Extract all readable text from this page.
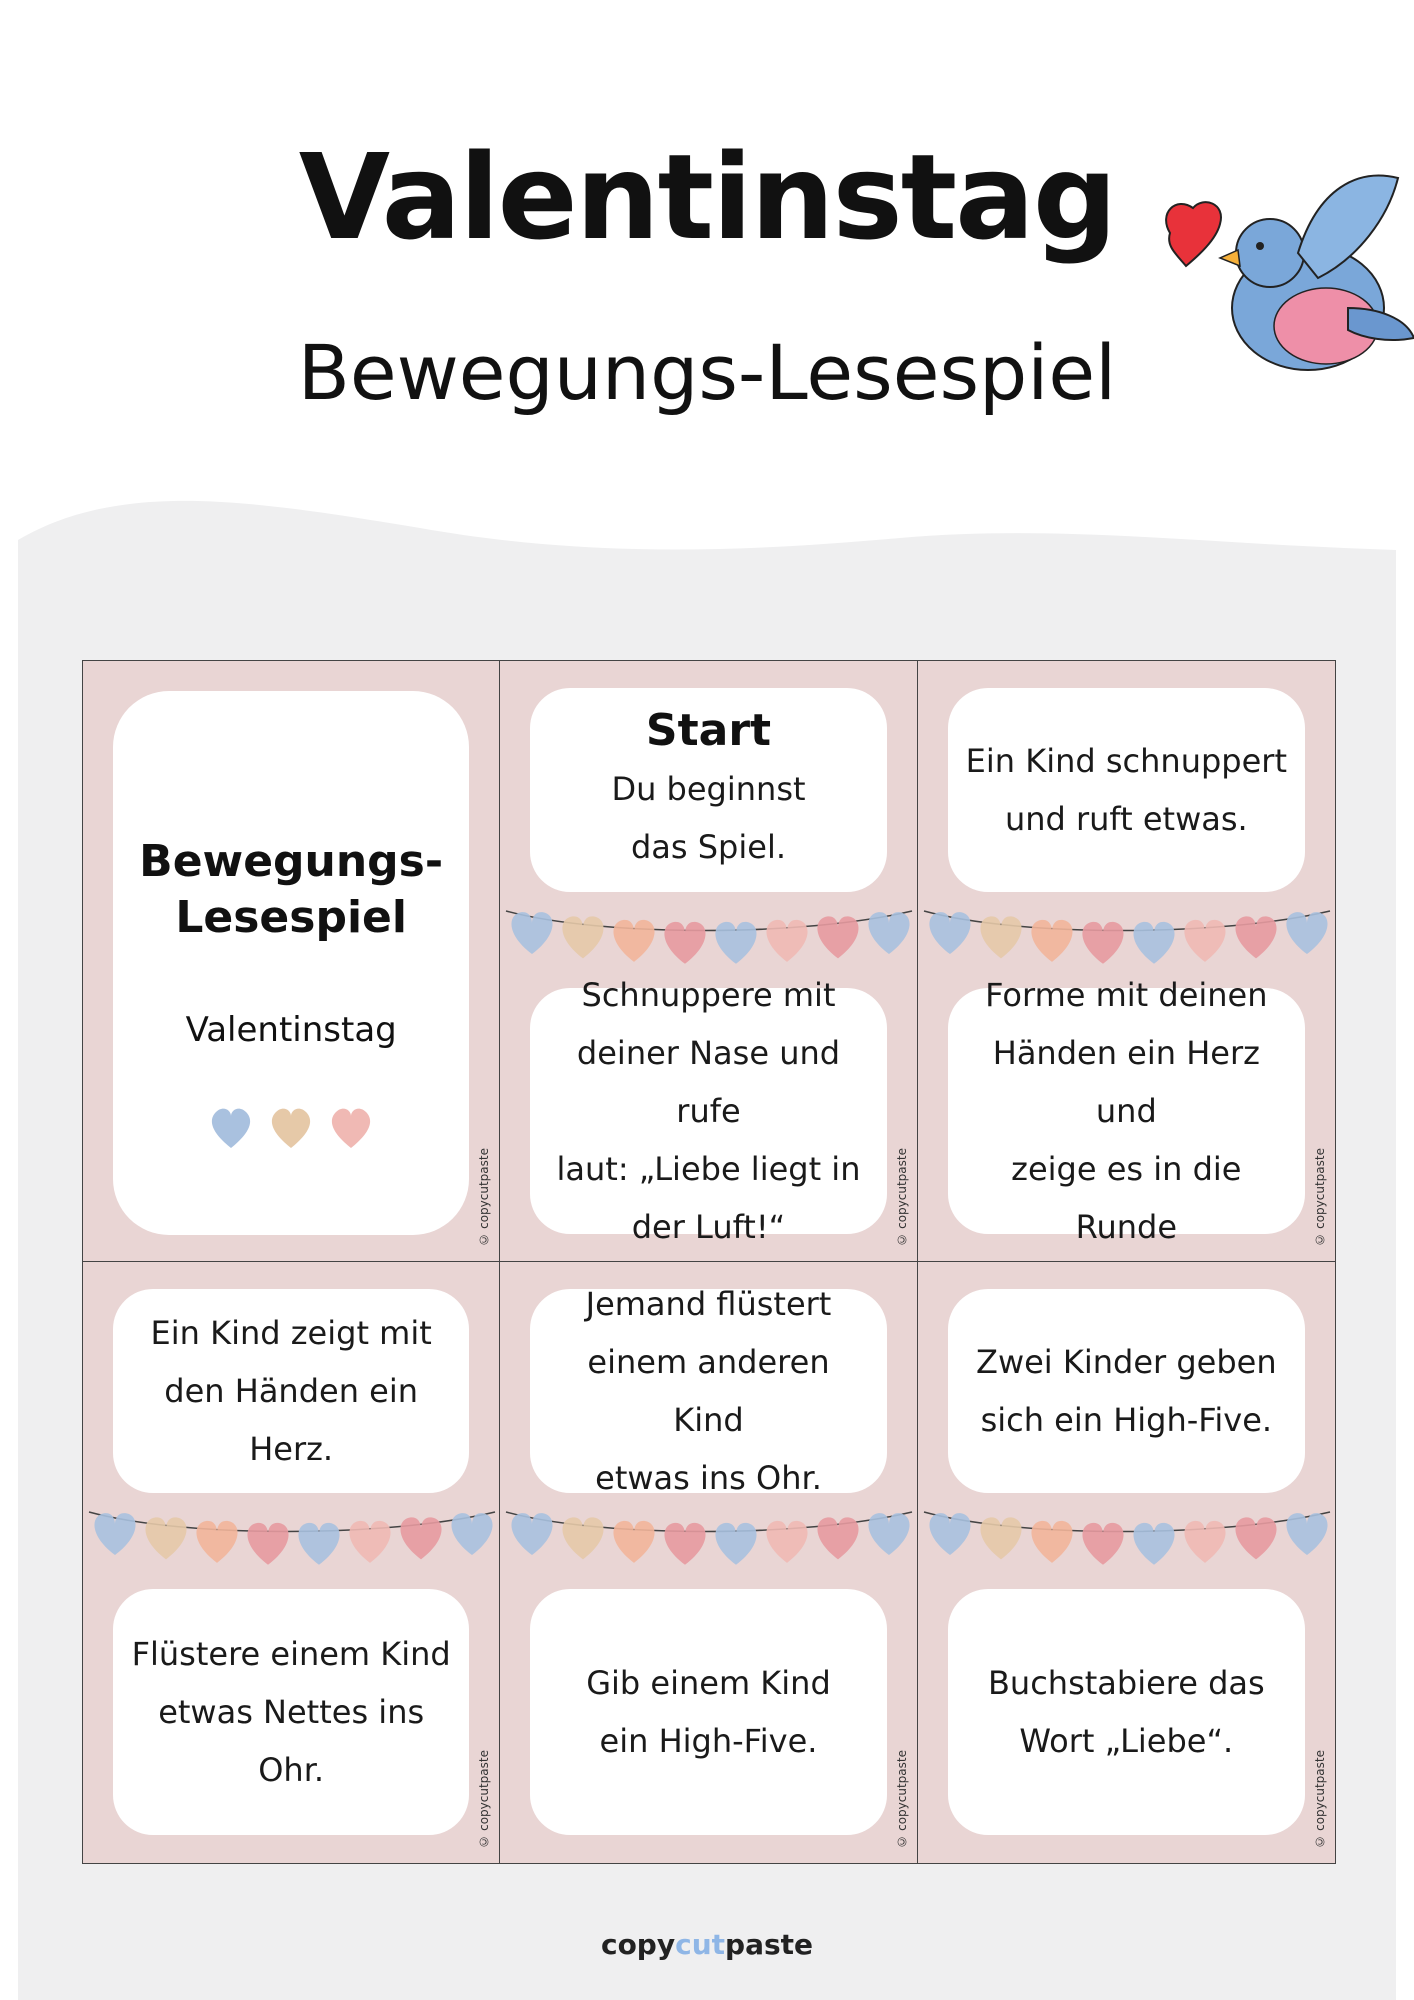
Valentinstag
Bewegungs-Lesespiel
Bewegungs-
Lesespiel
Valentinstag
© copycutpaste
Start
Du beginnst
das Spiel.
Schnuppere mit
deiner Nase und rufe
laut: „Liebe liegt in
der Luft!“	© copycutpaste
Ein Kind schnuppert
und ruft etwas.
Forme mit deinen
Händen ein Herz und
zeige es in die Runde	© copycutpaste
Ein Kind zeigt mit
den Händen ein Herz.
Flüstere einem Kind
etwas Nettes ins Ohr.	© copycutpaste
Jemand flüstert
einem anderen Kind
etwas ins Ohr.
Gib einem Kind
ein High-Five.
© copycutpaste
Zwei Kinder geben
sich ein High-Five.
Buchstabiere das
Wort „Liebe“.
© copycutpaste
copycutpaste
